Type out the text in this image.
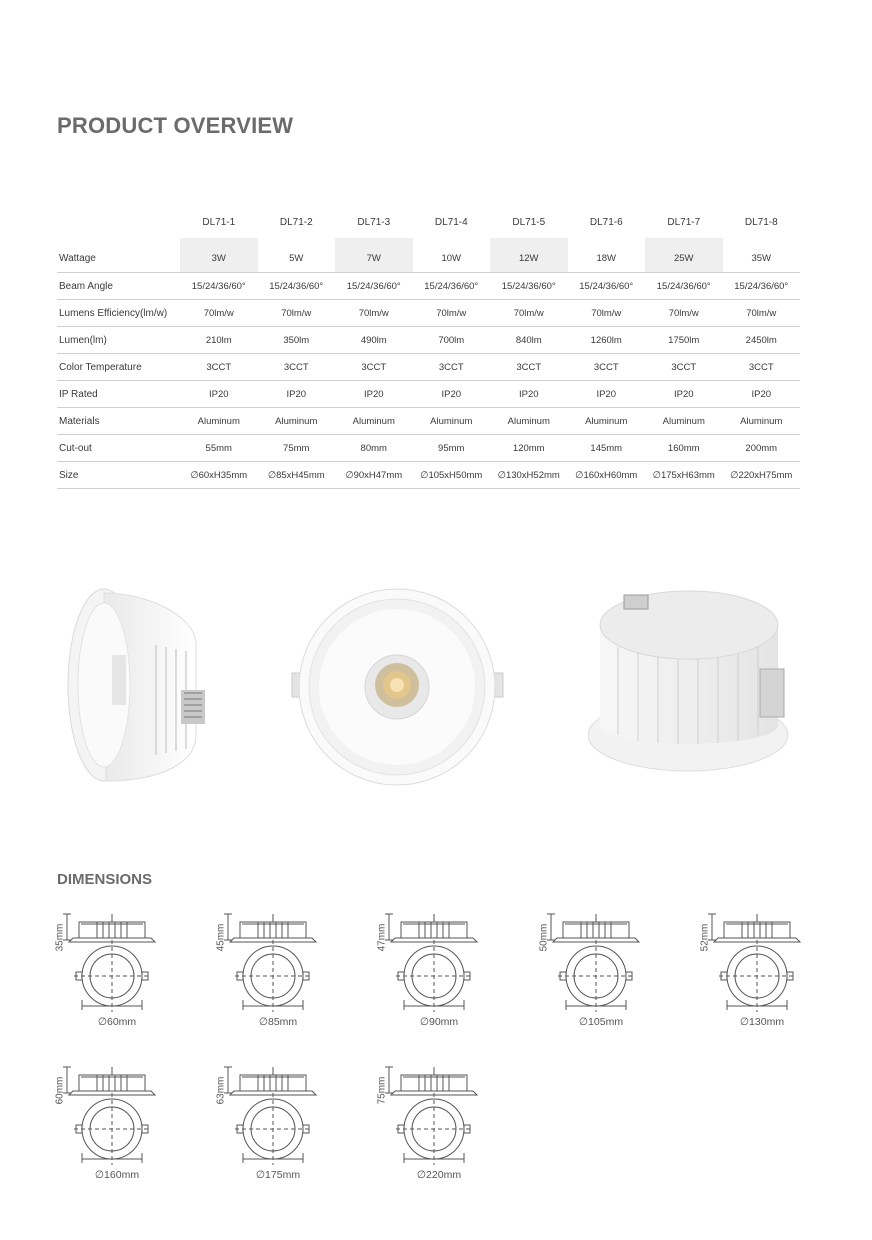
PRODUCT OVERVIEW
	DL71-1	DL71-2	DL71-3	DL71-4	DL71-5	DL71-6	DL71-7	DL71-8

Wattage	3W	5W	7W	10W	12W	18W	25W	35W
Beam Angle	15/24/36/60°	15/24/36/60°	15/24/36/60°	15/24/36/60°	15/24/36/60°	15/24/36/60°	15/24/36/60°	15/24/36/60°
Lumens Efficiency(lm/w)	70lm/w	70lm/w	70lm/w	70lm/w	70lm/w	70lm/w	70lm/w	70lm/w
Lumen(lm)	210lm	350lm	490lm	700lm	840lm	1260lm	1750lm	2450lm
Color Temperature	3CCT	3CCT	3CCT	3CCT	3CCT	3CCT	3CCT	3CCT
IP Rated	IP20	IP20	IP20	IP20	IP20	IP20	IP20	IP20
Materials	Aluminum	Aluminum	Aluminum	Aluminum	Aluminum	Aluminum	Aluminum	Aluminum
Cut-out	55mm	75mm	80mm	95mm	120mm	145mm	160mm	200mm
Size	∅60xH35mm	∅85xH45mm	∅90xH47mm	∅105xH50mm	∅130xH52mm	∅160xH60mm	∅175xH63mm	∅220xH75mm
DIMENSIONS
35mm
∅60mm
45mm
∅85mm
47mm
∅90mm
50mm
∅105mm
52mm
∅130mm
60mm
∅160mm
63mm
∅175mm
75mm
∅220mm
